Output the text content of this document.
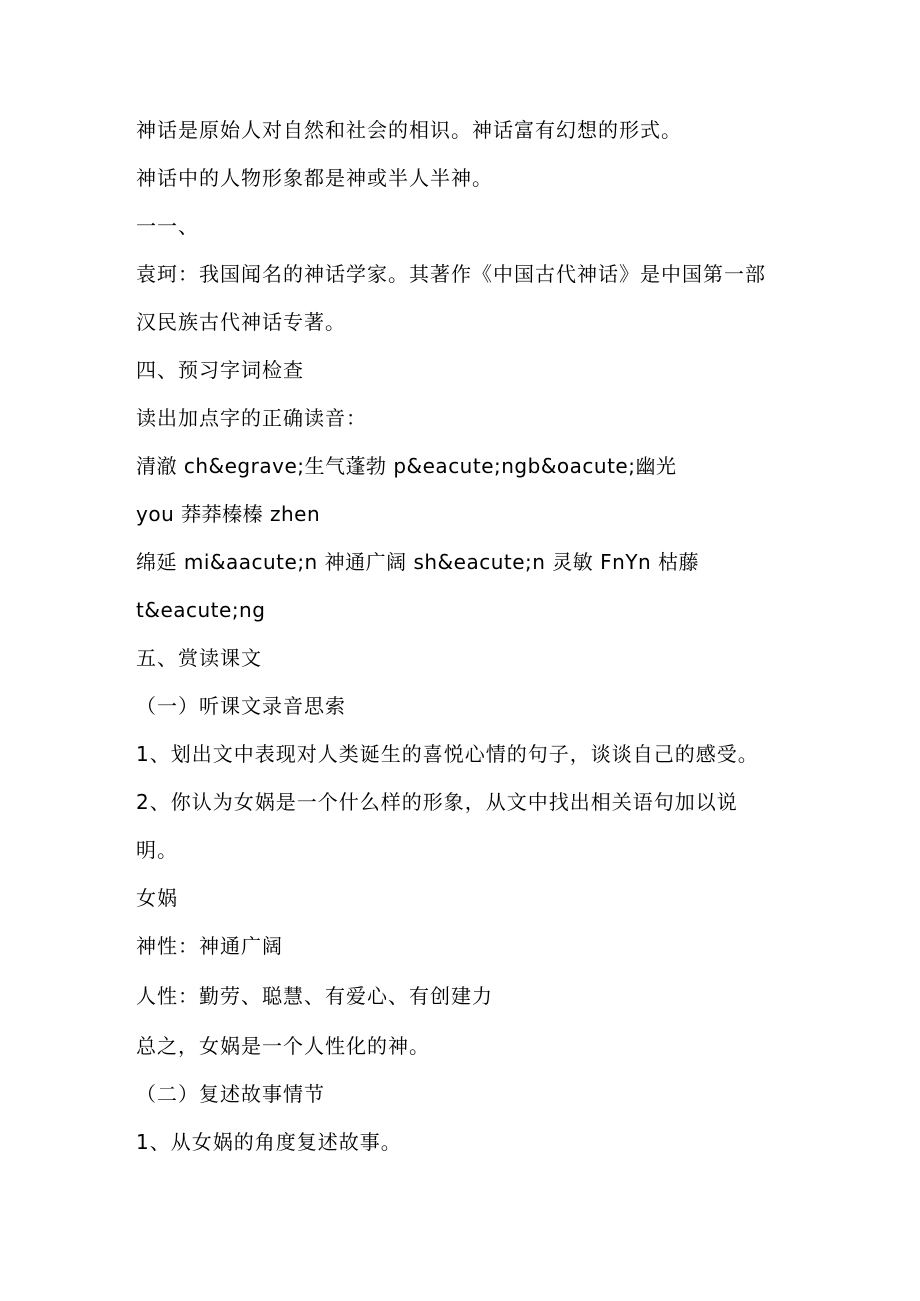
神话是原始人对自然和社会的相识。神话富有幻想的形式。
神话中的人物形象都是神或半人半神。
一一、
袁珂：我国闻名的神话学家。其著作《中国古代神话》是中国第一部
汉民族古代神话专著。
四、预习字词检查
读出加点字的正确读音：
清澈 ch&egrave;生气蓬勃 p&eacute;ngb&oacute;幽光
you 莽莽榛榛 zhen
绵延 mi&aacute;n 神通广阔 sh&eacute;n 灵敏 FnYn 枯藤
t&eacute;ng
五、赏读课文
（一）听课文录音思索
1、划出文中表现对人类诞生的喜悦心情的句子，谈谈自己的感受。
2、你认为女娲是一个什么样的形象，从文中找出相关语句加以说
明。
女娲
神性：神通广阔
人性：勤劳、聪慧、有爱心、有创建力
总之，女娲是一个人性化的神。
（二）复述故事情节
1、从女娲的角度复述故事。
